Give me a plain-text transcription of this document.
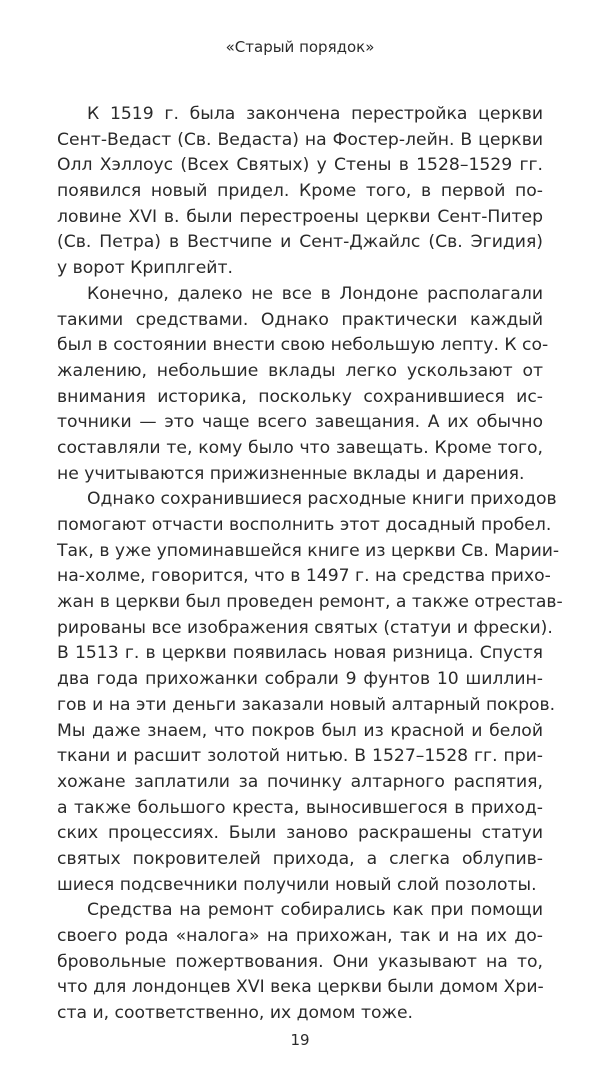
«Старый порядок»
К 1519 г. была закончена перестройка церкви
Сент-Ведаст (Св. Ведаста) на Фостер-лейн. В церкви
Олл Хэллоус (Всех Святых) у Стены в 1528–1529 гг.
появился новый придел. Кроме того, в первой по-
ловине XVI в. были перестроены церкви Сент-Питер
(Св. Петра) в Вестчипе и Сент-Джайлс (Св. Эгидия)
у ворот Криплгейт.
Конечно, далеко не все в Лондоне располагали
такими средствами. Однако практически каждый
был в состоянии внести свою небольшую лепту. К со-
жалению, небольшие вклады легко ускользают от
внимания историка, поскольку сохранившиеся ис-
точники — это чаще всего завещания. А их обычно
составляли те, кому было что завещать. Кроме того,
не учитываются прижизненные вклады и дарения.
Однако сохранившиеся расходные книги приходов
помогают отчасти восполнить этот досадный пробел.
Так, в уже упоминавшейся книге из церкви Св. Марии-
на-холме, говорится, что в 1497 г. на средства прихо-
жан в церкви был проведен ремонт, а также отрестав-
рированы все изображения святых (статуи и фрески).
В 1513 г. в церкви появилась новая ризница. Спустя
два года прихожанки собрали 9 фунтов 10 шиллин-
гов и на эти деньги заказали новый алтарный покров.
Мы даже знаем, что покров был из красной и белой
ткани и расшит золотой нитью. В 1527–1528 гг. при-
хожане заплатили за починку алтарного распятия,
а также большого креста, выносившегося в приход-
ских процессиях. Были заново раскрашены статуи
святых покровителей прихода, а слегка облупив-
шиеся подсвечники получили новый слой позолоты.
Средства на ремонт собирались как при помощи
своего рода «налога» на прихожан, так и на их до-
бровольные пожертвования. Они указывают на то,
что для лондонцев XVI века церкви были домом Хри-
ста и, соответственно, их домом тоже.
19
